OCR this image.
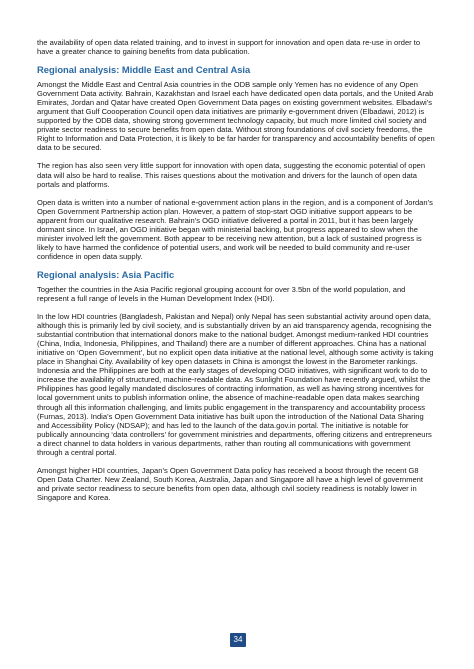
the availability of open data related training, and to invest in support for innovation and open data re-use in order to have a greater chance to gaining benefits from data publication.

Regional analysis: Middle East and Central Asia

Amongst the Middle East and Central Asia countries in the ODB sample only Yemen has no evidence of any Open Government Data activity. Bahrain, Kazakhstan and Israel each have dedicated open data portals, and the United Arab Emirates, Jordan and Qatar have created Open Government Data pages on existing government websites. Elbadawi’s argument that Gulf Coooperation Council open data initiatives are primarily e-government driven (Elbadawi, 2012) is supported by the ODB data, showing strong government technology capacity, but much more limited civil society and private sector readiness to secure benefits from open data. Without strong foundations of civil society freedoms, the Right to Information and Data Protection, it is likely to be far harder for transparency and accountability benefits of open data to be secured.

The region has also seen very little support for innovation with open data, suggesting the economic potential of open data will also be hard to realise. This raises questions about the motivation and drivers for the launch of open data portals and platforms.

Open data is written into a number of national e-government action plans in the region, and is a component of Jordan’s Open Government Partnership action plan. However, a pattern of stop-start OGD initiative support appears to be apparent from our qualitative research. Bahrain’s OGD initiative delivered a portal in 2011, but it has been largely dormant since. In Israel, an OGD initiative began with ministerial backing, but progress appeared to slow when the minister involved left the government. Both appear to be receiving new attention, but a lack of sustained progress is likely to have harmed the confidence of potential users, and work will be needed to build community and re-user confidence in open data supply.

Regional analysis: Asia Pacific

Together the countries in the Asia Pacific regional grouping account for over 3.5bn of the world population, and represent a full range of levels in the Human Development Index (HDI).

In the low HDI countries (Bangladesh, Pakistan and Nepal) only Nepal has seen substantial activity around open data, although this is primarily led by civil society, and is substantially driven by an aid transparency agenda, recognising the substantial contribution that international donors make to the national budget. Amongst medium-ranked HDI countries (China, India, Indonesia, Philippines, and Thailand) there are a number of different approaches. China has a national initiative on ‘Open Government’, but no explicit open data initiative at the national level, although some activity is taking place in Shanghai City. Availability of key open datasets in China is amongst the lowest in the Barometer rankings. Indonesia and the Philippines are both at the early stages of developing OGD initiatives, with significant work to do to increase the availability of structured, machine-readable data. As Sunlight Foundation have recently argued, whilst the Philippines has good legally mandated disclosures of contracting information, as well as having strong incentives for local government units to publish information online, the absence of machine-readable open data makes searching through all this information challenging, and limits public engagement in the transparency and accountability process (Furnas, 2013). India’s Open Government Data initiative has built upon the introduction of the National Data Sharing and Accessibility Policy (NDSAP); and has led to the launch of the data.gov.in portal. The initiative is notable for publically announcing ‘data controllers’ for government ministries and departments, offering citizens and entrepreneurs a direct channel to data holders in various departments, rather than routing all communications with government through a central portal.

Amongst higher HDI countries, Japan’s Open Government Data policy has received a boost through the recent G8 Open Data Charter. New Zealand, South Korea, Australia, Japan and Singapore all have a high level of government and private sector readiness to secure benefits from open data, although civil society readiness is notably lower in Singapore and Korea.

34
